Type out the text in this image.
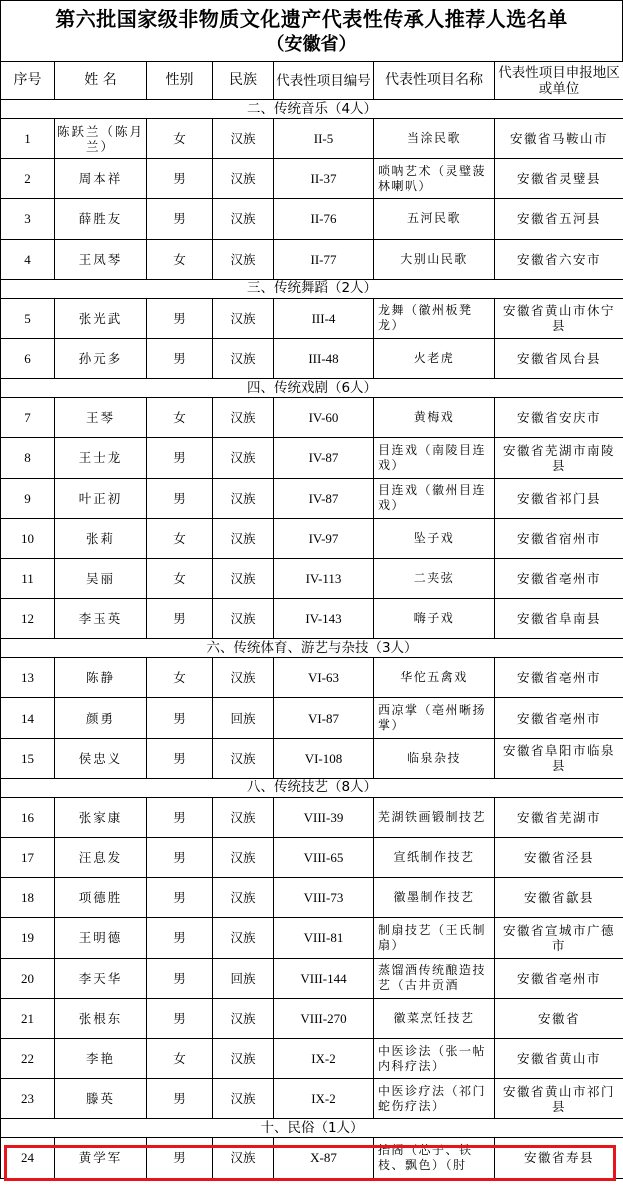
第六批国家级非物质文化遗产代表性传承人推荐人选名单
（安徽省）
序号	姓 名	性别	民族	代表性项目编号	代表性项目名称	代表性项目申报地区或单位
二、传统音乐（4人）						
1	陈跃兰（陈月兰）	女	汉族	II-5	当涂民歌	安徽省马鞍山市
2	周本祥	男	汉族	II-37	唢呐艺术（灵璧菠林喇叭）	安徽省灵璧县
3	薛胜友	男	汉族	II-76	五河民歌	安徽省五河县
4	王凤琴	女	汉族	II-77	大别山民歌	安徽省六安市
三、传统舞蹈（2人）						
5	张光武	男	汉族	III-4	龙舞（徽州板凳龙）	安徽省黄山市休宁县
6	孙元多	男	汉族	III-48	火老虎	安徽省凤台县
四、传统戏剧（6人）						
7	王琴	女	汉族	IV-60	黄梅戏	安徽省安庆市
8	王士龙	男	汉族	IV-87	目连戏（南陵目连戏）	安徽省芜湖市南陵县
9	叶正初	男	汉族	IV-87	目连戏（徽州目连戏）	安徽省祁门县
10	张莉	女	汉族	IV-97	坠子戏	安徽省宿州市
11	吴丽	女	汉族	IV-113	二夹弦	安徽省亳州市
12	李玉英	男	汉族	IV-143	嗨子戏	安徽省阜南县
六、传统体育、游艺与杂技（3人）						
13	陈静	女	汉族	VI-63	华佗五禽戏	安徽省亳州市
14	颜勇	男	回族	VI-87	西凉掌（亳州晰扬掌）	安徽省亳州市
15	侯忠义	男	汉族	VI-108	临泉杂技	安徽省阜阳市临泉县
八、传统技艺（8人）						
16	张家康	男	汉族	VIII-39	芜湖铁画锻制技艺	安徽省芜湖市
17	汪息发	男	汉族	VIII-65	宣纸制作技艺	安徽省泾县
18	项德胜	男	汉族	VIII-73	徽墨制作技艺	安徽省歙县
19	王明德	男	汉族	VIII-81	制扇技艺（王氏制扇）	安徽省宣城市广德市
20	李天华	男	回族	VIII-144	蒸馏酒传统酿造技艺（古井贡酒	安徽省亳州市
21	张根东	男	汉族	VIII-270	徽菜烹饪技艺	安徽省
22	李艳	女	汉族	IX-2	中医诊法（张一帖内科疗法）	安徽省黄山市
23	滕英	男	汉族	IX-2	中医诊疗法（祁门蛇伤疗法）	安徽省黄山市祁门县
十、民俗（1人）						
24	黄学军	男	汉族	X-87	抬阁（芯子、铁枝、飘色）（肘	安徽省寿县
